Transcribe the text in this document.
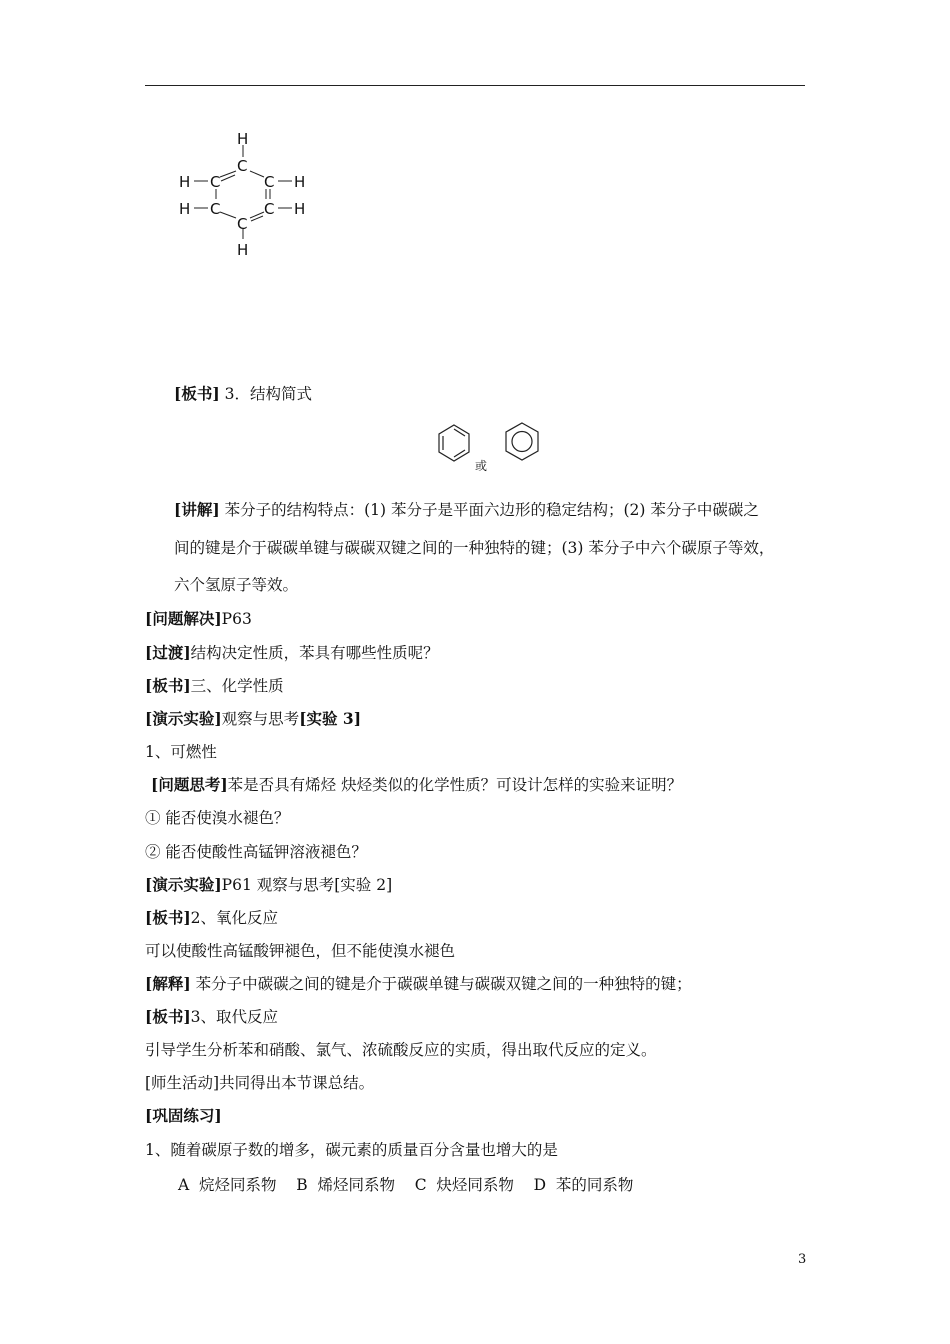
H
C
H C	C H
H C	C H
C
H
[板书] 3．结构简式
或
[讲解] 苯分子的结构特点：(1) 苯分子是平面六边形的稳定结构；(2) 苯分子中碳碳之
间的键是介于碳碳单键与碳碳双键之间的一种独特的键；(3) 苯分子中六个碳原子等效，
六个氢原子等效。
[问题解决]P63
[过渡]结构决定性质，苯具有哪些性质呢？
[板书]三、化学性质
[演示实验]观察与思考[实验 3]
1、可燃性
[问题思考]苯是否具有烯烃 炔烃类似的化学性质？可设计怎样的实验来证明？
① 能否使溴水褪色？
② 能否使酸性高锰钾溶液褪色？
[演示实验]P61 观察与思考[实验 2]
[板书]2、氧化反应
可以使酸性高锰酸钾褪色，但不能使溴水褪色
[解释] 苯分子中碳碳之间的键是介于碳碳单键与碳碳双键之间的一种独特的键；
[板书]3、取代反应
引导学生分析苯和硝酸、氯气、浓硫酸反应的实质，得出取代反应的定义。
[师生活动]共同得出本节课总结。
[巩固练习]
1、随着碳原子数的增多，碳元素的质量百分含量也增大的是
A  烷烃同系物    B  烯烃同系物    C  炔烃同系物    D  苯的同系物
3
